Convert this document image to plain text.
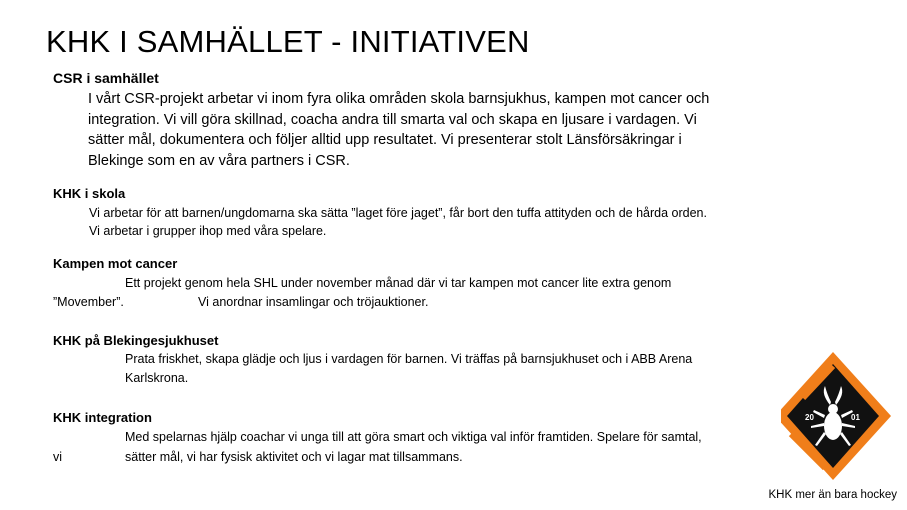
KHK I SAMHÄLLET - INITIATIVEN
CSR i samhället
I vårt CSR-projekt arbetar vi inom fyra olika områden skola barnsjukhus, kampen mot cancer och
integration. Vi vill göra skillnad, coacha andra till smarta val och skapa en ljusare i vardagen. Vi
sätter mål, dokumentera och följer alltid upp resultatet. Vi presenterar stolt Länsförsäkringar i
Blekinge som en av våra partners i CSR.
KHK i skola
Vi arbetar för att barnen/ungdomarna ska sätta ”laget före jaget”, får bort den tuffa attityden och de hårda orden.
Vi arbetar i grupper ihop med våra spelare.
Kampen mot cancer
Ett projekt genom hela SHL under november månad där vi tar kampen mot cancer lite extra genom
”Movember”.	Vi anordnar insamlingar och tröjauktioner.
KHK på Blekingesjukhuset
Prata friskhet, skapa glädje och ljus i vardagen för barnen. Vi träffas på barnsjukhuset och i ABB Arena
Karlskrona.
KHK integration
Med spelarnas hjälp coachar vi unga till att göra smart och viktiga val inför framtiden. Spelare för samtal,
vi	sätter mål, vi har fysisk aktivitet och vi lagar mat tillsammans.
20	01
KHK mer än bara hockey
